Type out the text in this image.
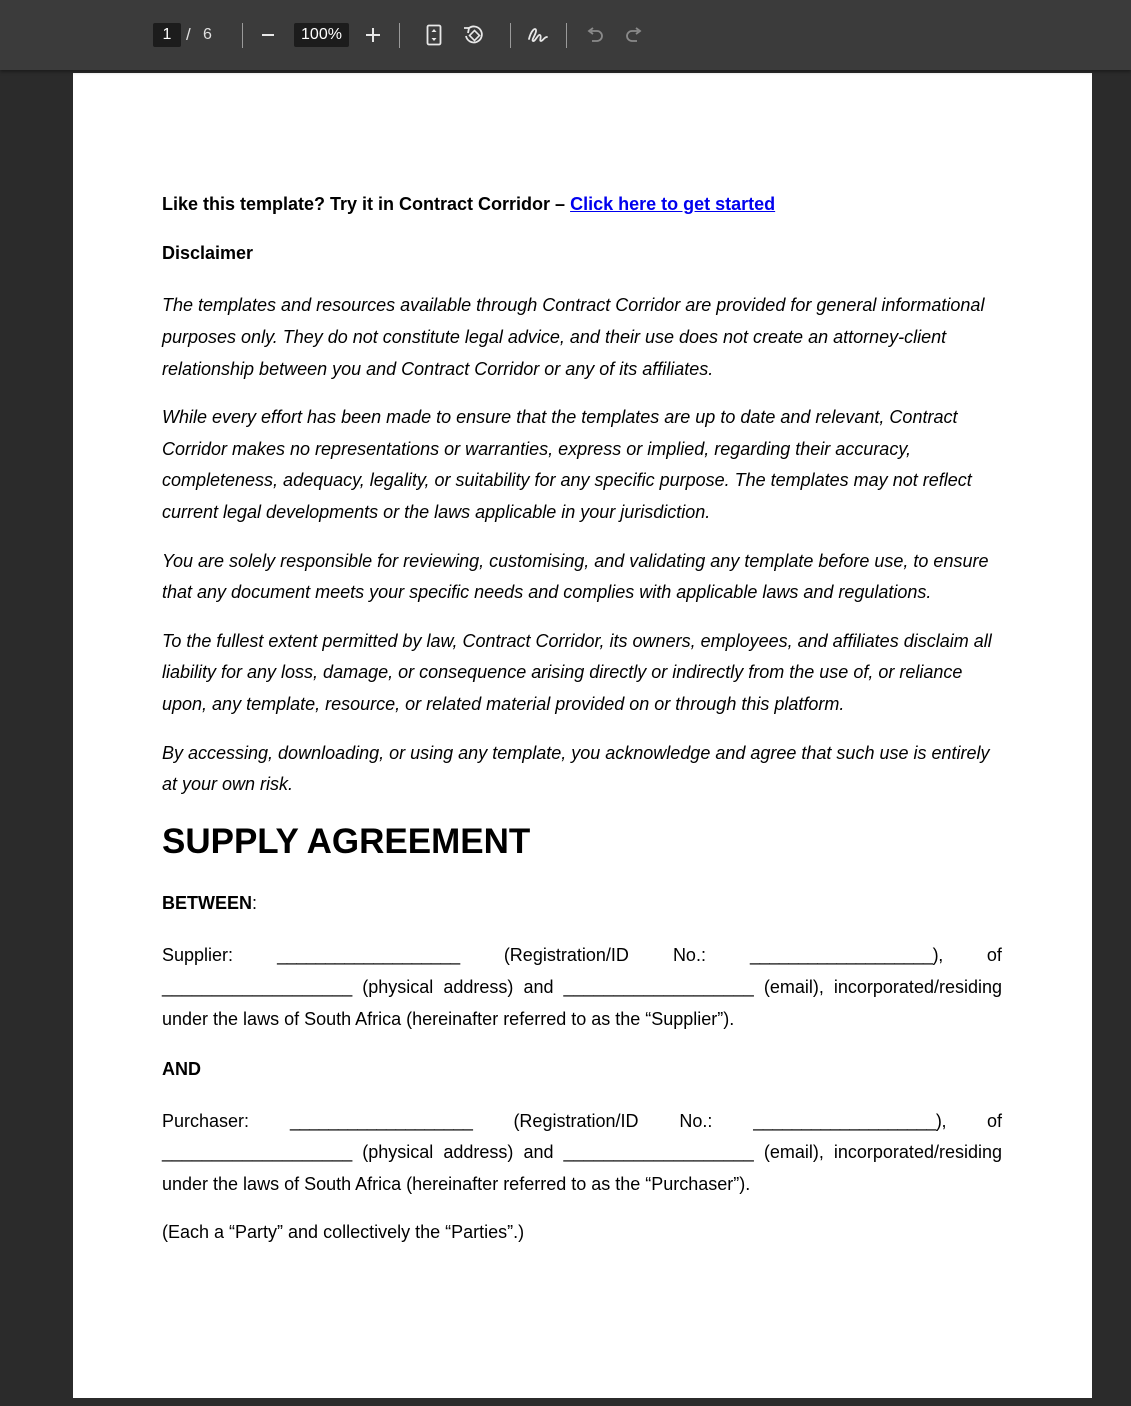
1 / 6	100%

Like this template? Try it in Contract Corridor – Click here to get started

Disclaimer

The templates and resources available through Contract Corridor are provided for general informational purposes only. They do not constitute legal advice, and their use does not create an attorney-client relationship between you and Contract Corridor or any of its affiliates.

While every effort has been made to ensure that the templates are up to date and relevant, Contract Corridor makes no representations or warranties, express or implied, regarding their accuracy, completeness, adequacy, legality, or suitability for any specific purpose. The templates may not reflect current legal developments or the laws applicable in your jurisdiction.

You are solely responsible for reviewing, customising, and validating any template before use, to ensure that any document meets your specific needs and complies with applicable laws and regulations.

To the fullest extent permitted by law, Contract Corridor, its owners, employees, and affiliates disclaim all liability for any loss, damage, or consequence arising directly or indirectly from the use of, or reliance upon, any template, resource, or related material provided on or through this platform.

By accessing, downloading, or using any template, you acknowledge and agree that such use is entirely at your own risk.

SUPPLY AGREEMENT

BETWEEN:

Supplier: ___________________ (Registration/ID No.: ___________________), of
___________________ (physical address) and ___________________ (email), incorporated/residing
under the laws of South Africa (hereinafter referred to as the “Supplier”).

AND

Purchaser: ___________________ (Registration/ID No.: ___________________), of
___________________ (physical address) and ___________________ (email), incorporated/residing
under the laws of South Africa (hereinafter referred to as the “Purchaser”).

(Each a “Party” and collectively the “Parties”.)
